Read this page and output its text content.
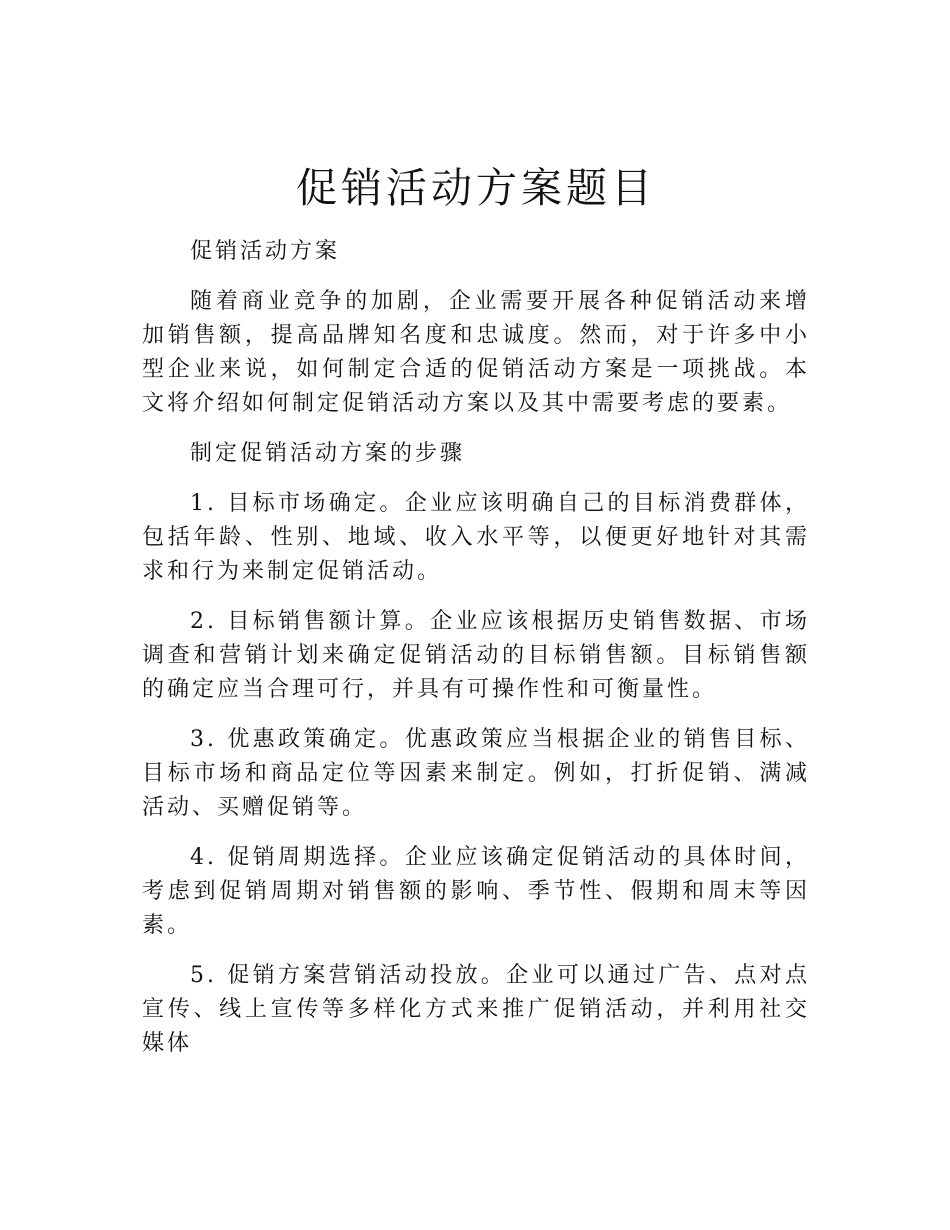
促销活动方案题目

促销活动方案

随着商业竞争的加剧，企业需要开展各种促销活动来增加销售额，提高品牌知名度和忠诚度。然而，对于许多中小型企业来说，如何制定合适的促销活动方案是一项挑战。本文将介绍如何制定促销活动方案以及其中需要考虑的要素。

制定促销活动方案的步骤

1. 目标市场确定。企业应该明确自己的目标消费群体，包括年龄、性别、地域、收入水平等，以便更好地针对其需求和行为来制定促销活动。

2. 目标销售额计算。企业应该根据历史销售数据、市场调查和营销计划来确定促销活动的目标销售额。目标销售额的确定应当合理可行，并具有可操作性和可衡量性。

3. 优惠政策确定。优惠政策应当根据企业的销售目标、目标市场和商品定位等因素来制定。例如，打折促销、满减活动、买赠促销等。

4. 促销周期选择。企业应该确定促销活动的具体时间，考虑到促销周期对销售额的影响、季节性、假期和周末等因素。

5. 促销方案营销活动投放。企业可以通过广告、点对点宣传、线上宣传等多样化方式来推广促销活动，并利用社交媒体
